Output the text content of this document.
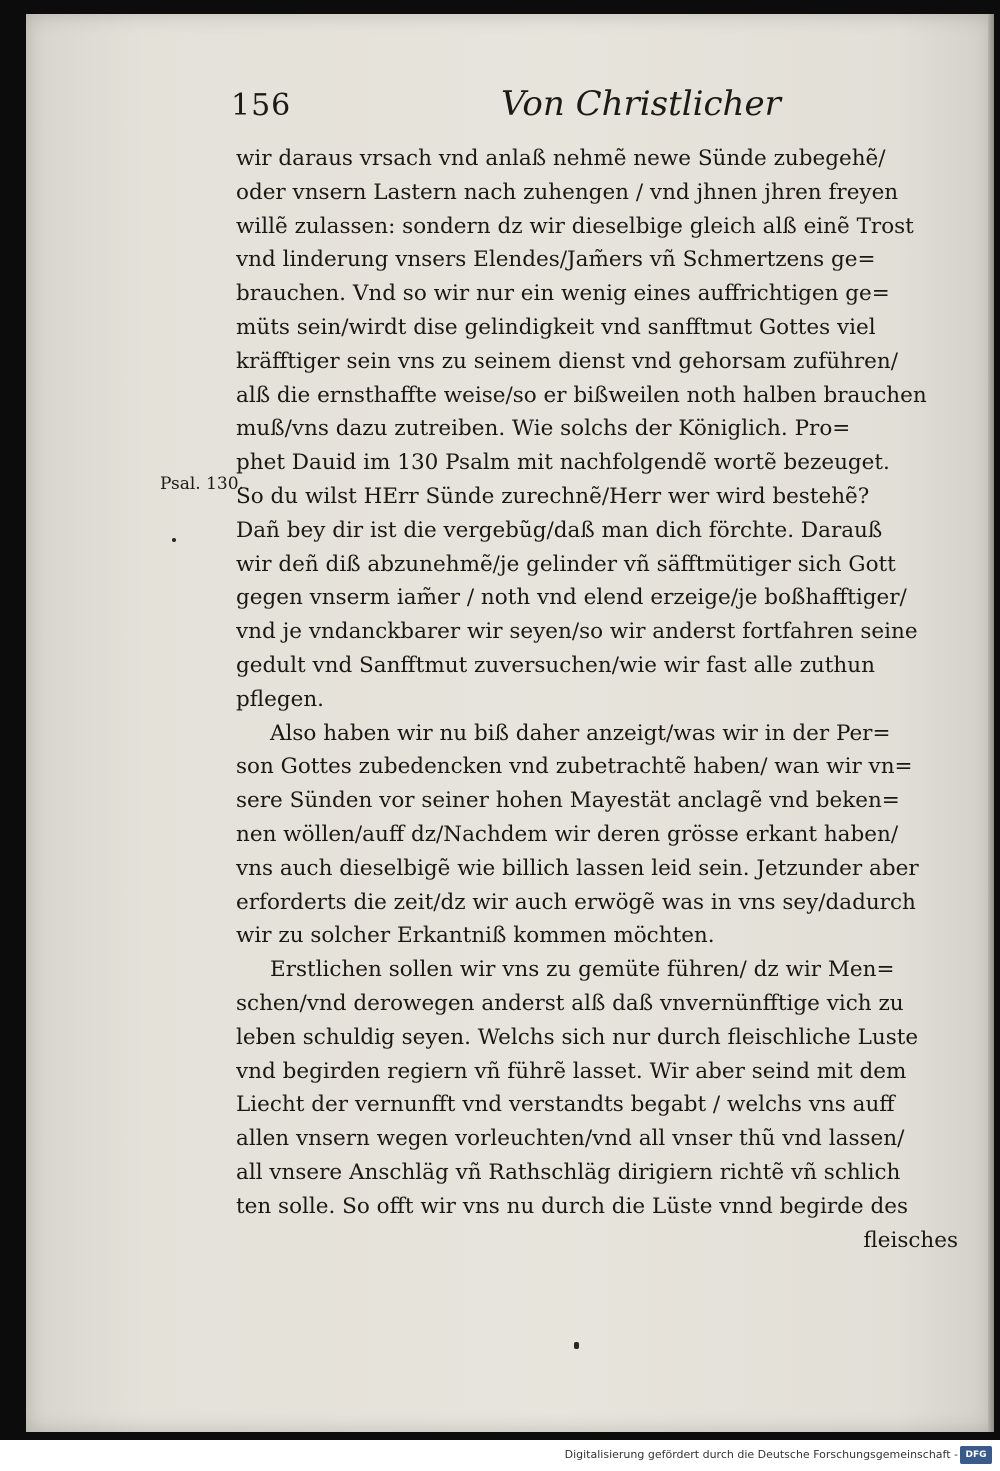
156	Von Christlicher
Psal. 130.
wir daraus vrsach vnd anlaß nehmẽ newe Sünde zubegehẽ/
oder vnsern Lastern nach zuhengen / vnd jhnen jhren freyen
willẽ zulassen: sondern dz wir dieselbige gleich alß einẽ Trost
vnd linderung vnsers Elendes/Jam̃ers vñ Schmertzens ge=
brauchen. Vnd so wir nur ein wenig eines auffrichtigen ge=
müts sein/wirdt dise gelindigkeit vnd sanfftmut Gottes viel
kräfftiger sein vns zu seinem dienst vnd gehorsam zuführen/
alß die ernsthaffte weise/so er bißweilen noth halben brauchen
muß/vns dazu zutreiben. Wie solchs der Königlich. Pro=
phet Dauid im 130 Psalm mit nachfolgendẽ wortẽ bezeuget.
So du wilst HErr Sünde zurechnẽ/Herr wer wird bestehẽ?
Dañ bey dir ist die vergebũg/daß man dich förchte. Darauß
wir deñ diß abzunehmẽ/je gelinder vñ säfftmütiger sich Gott
gegen vnserm iam̃er / noth vnd elend erzeige/je boßhafftiger/
vnd je vndanckbarer wir seyen/so wir anderst fortfahren seine
gedult vnd Sanfftmut zuversuchen/wie wir fast alle zuthun
pflegen.
Also haben wir nu biß daher anzeigt/was wir in der Per=
son Gottes zubedencken vnd zubetrachtẽ haben/ wan wir vn=
sere Sünden vor seiner hohen Mayestät anclagẽ vnd beken=
nen wöllen/auff dz/Nachdem wir deren grösse erkant haben/
vns auch dieselbigẽ wie billich lassen leid sein. Jetzunder aber
erforderts die zeit/dz wir auch erwögẽ was in vns sey/dadurch
wir zu solcher Erkantniß kommen möchten.
Erstlichen sollen wir vns zu gemüte führen/ dz wir Men=
schen/vnd derowegen anderst alß daß vnvernünfftige vich zu
leben schuldig seyen. Welchs sich nur durch fleischliche Luste
vnd begirden regiern vñ führẽ lasset. Wir aber seind mit dem
Liecht der vernunfft vnd verstandts begabt / welchs vns auff
allen vnsern wegen vorleuchten/vnd all vnser thũ vnd lassen/
all vnsere Anschläg vñ Rathschläg dirigiern richtẽ vñ schlich
ten solle. So offt wir vns nu durch die Lüste vnnd begirde des
fleisches
Digitalisierung gefördert durch die Deutsche Forschungsgemeinschaft - DFG
